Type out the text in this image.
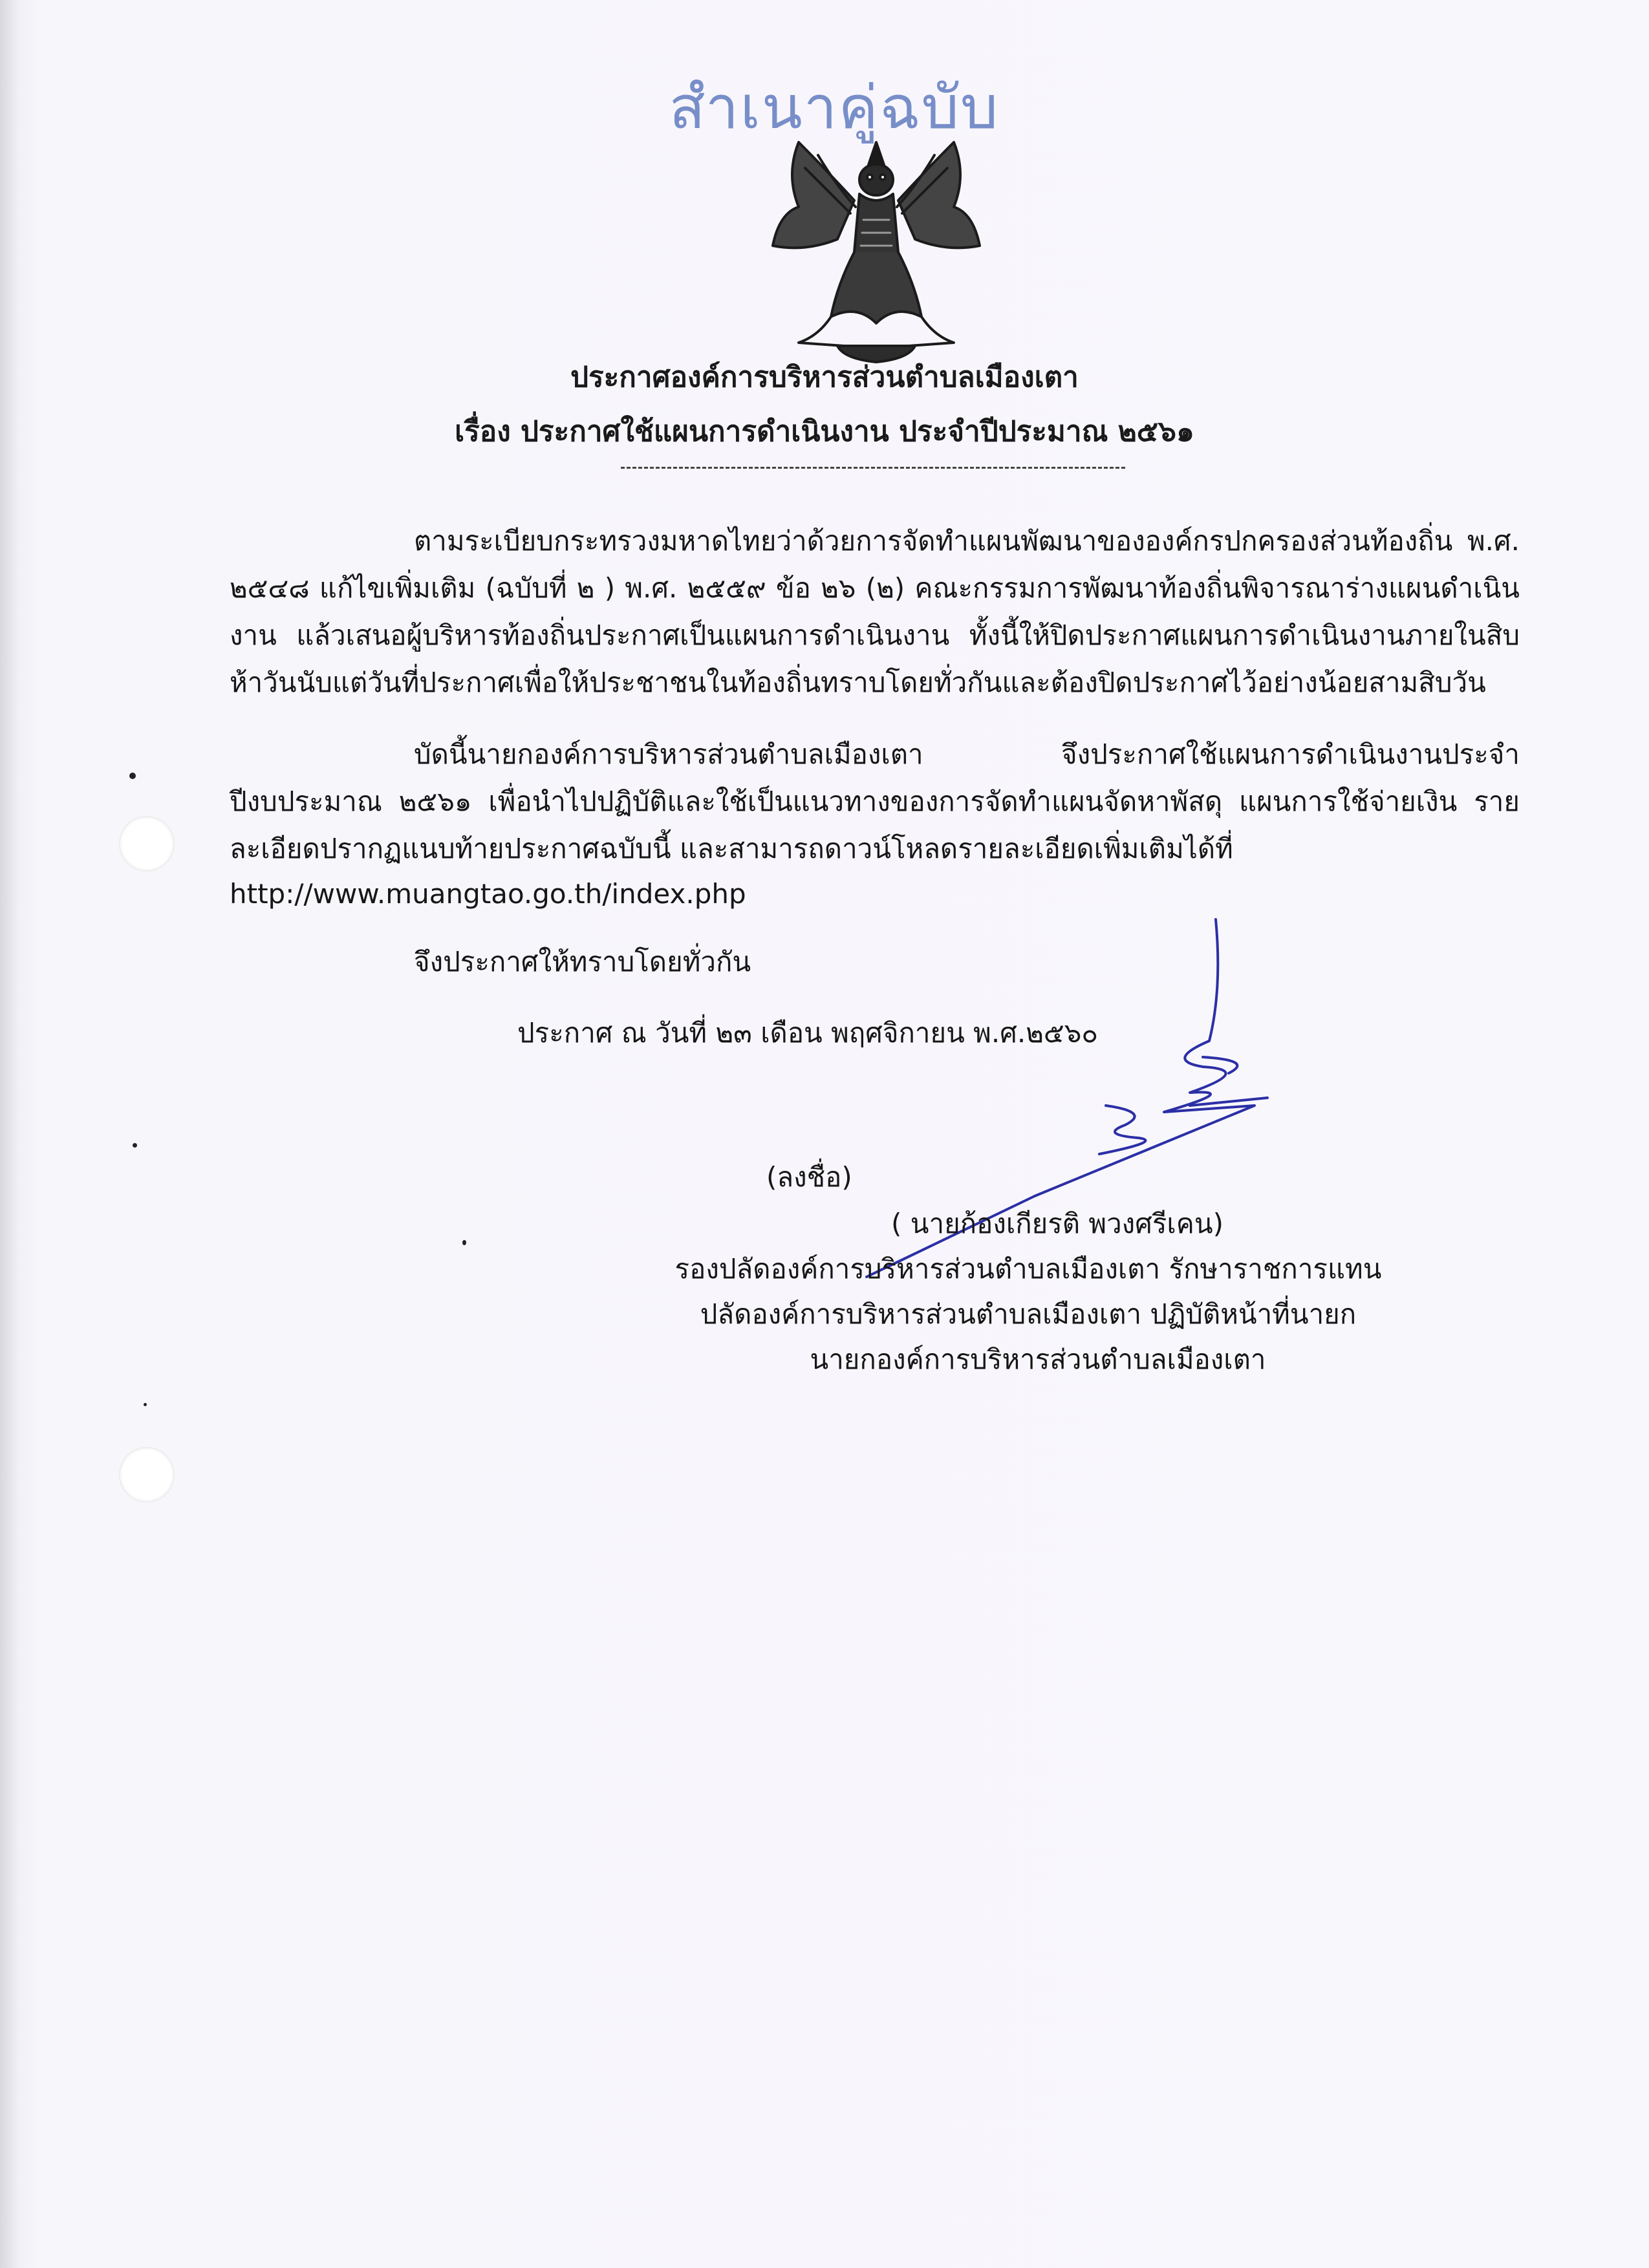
สำเนาคู่ฉบับ
ประกาศองค์การบริหารส่วนตำบลเมืองเตา
เรื่อง ประกาศใช้แผนการดำเนินงาน ประจำปีประมาณ ๒๕๖๑
ตามระเบียบกระทรวงมหาดไทยว่าด้วยการจัดทำแผนพัฒนาขององค์กรปกครองส่วนท้องถิ่น พ.ศ. ๒๕๔๘ แก้ไขเพิ่มเติม (ฉบับที่ ๒ ) พ.ศ. ๒๕๕๙ ข้อ ๒๖ (๒) คณะกรรมการพัฒนาท้องถิ่นพิจารณาร่างแผนดำเนินงาน แล้วเสนอผู้บริหารท้องถิ่นประกาศเป็นแผนการดำเนินงาน ทั้งนี้ให้ปิดประกาศแผนการดำเนินงานภายในสิบห้าวันนับแต่วันที่ประกาศเพื่อให้ประชาชนในท้องถิ่นทราบโดยทั่วกันและต้องปิดประกาศไว้อย่างน้อยสามสิบวัน
บัดนี้นายกองค์การบริหารส่วนตำบลเมืองเตา จึงประกาศใช้แผนการดำเนินงานประจำปีงบประมาณ ๒๕๖๑ เพื่อนำไปปฏิบัติและใช้เป็นแนวทางของการจัดทำแผนจัดหาพัสดุ แผนการใช้จ่ายเงิน รายละเอียดปรากฏแนบท้ายประกาศฉบับนี้ และสามารถดาวน์โหลดรายละเอียดเพิ่มเติมได้ที่
http://www.muangtao.go.th/index.php
จึงประกาศให้ทราบโดยทั่วกัน
ประกาศ ณ วันที่ ๒๓ เดือน พฤศจิกายน พ.ศ.๒๕๖๐
(ลงชื่อ)
( นายก้องเกียรติ พวงศรีเคน)
รองปลัดองค์การบริหารส่วนตำบลเมืองเตา รักษาราชการแทน
ปลัดองค์การบริหารส่วนตำบลเมืองเตา ปฏิบัติหน้าที่นายก
นายกองค์การบริหารส่วนตำบลเมืองเตา
